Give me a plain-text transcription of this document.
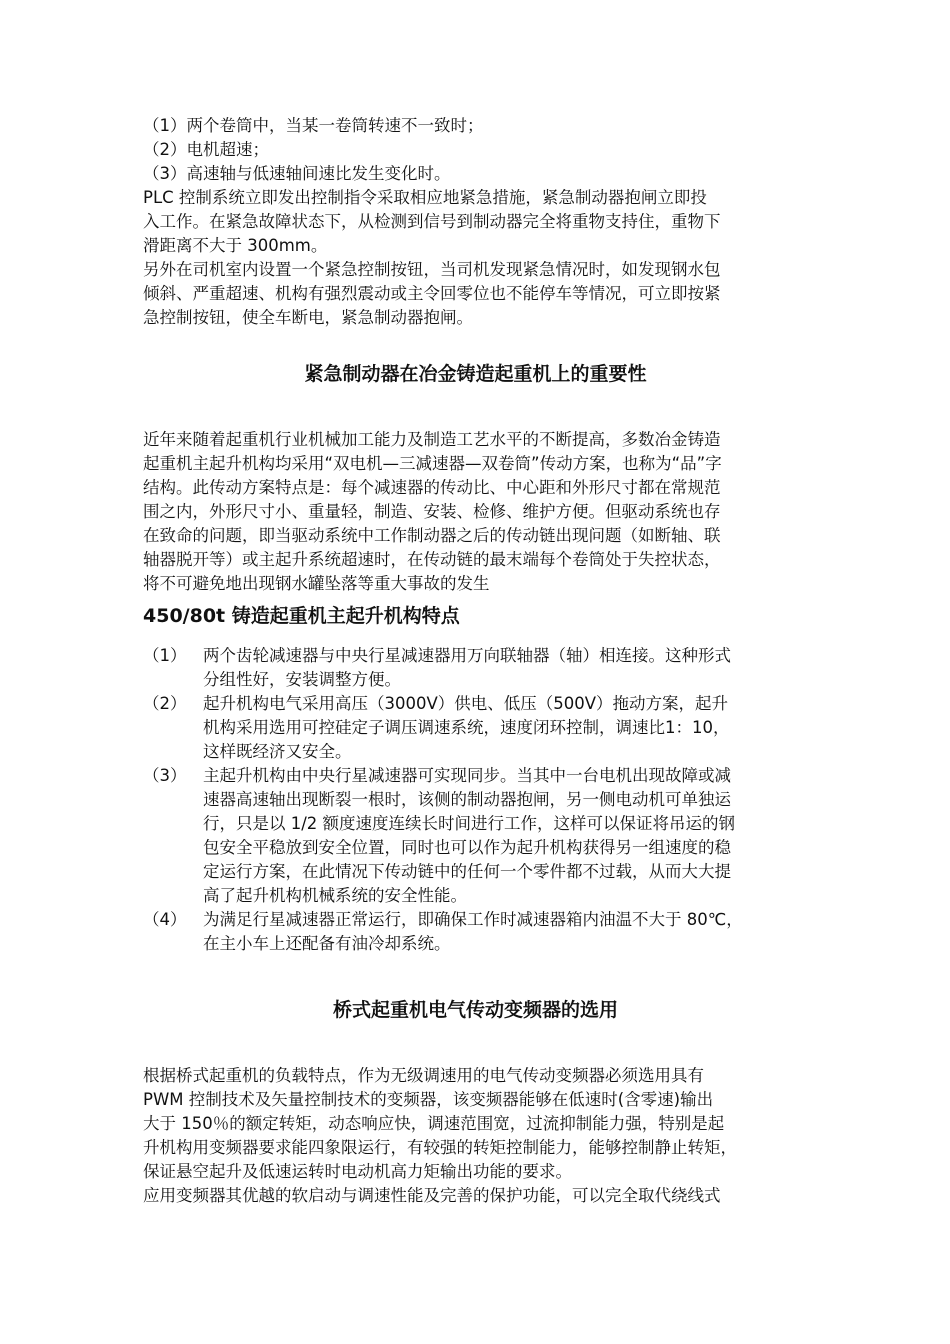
（1）两个卷筒中，当某一卷筒转速不一致时；
（2）电机超速；
（3）高速轴与低速轴间速比发生变化时。
PLC 控制系统立即发出控制指令采取相应地紧急措施，紧急制动器抱闸立即投
入工作。在紧急故障状态下，从检测到信号到制动器完全将重物支持住，重物下
滑距离不大于 300mm。
另外在司机室内设置一个紧急控制按钮，当司机发现紧急情况时，如发现钢水包
倾斜、严重超速、机构有强烈震动或主令回零位也不能停车等情况，可立即按紧
急控制按钮，使全车断电，紧急制动器抱闸。
紧急制动器在冶金铸造起重机上的重要性
近年来随着起重机行业机械加工能力及制造工艺水平的不断提高，多数冶金铸造
起重机主起升机构均采用“双电机—三减速器—双卷筒”传动方案，也称为“品”字
结构。此传动方案特点是：每个减速器的传动比、中心距和外形尺寸都在常规范
围之内，外形尺寸小、重量轻，制造、安装、检修、维护方便。但驱动系统也存
在致命的问题，即当驱动系统中工作制动器之后的传动链出现问题（如断轴、联
轴器脱开等）或主起升系统超速时，在传动链的最末端每个卷筒处于失控状态，
将不可避免地出现钢水罐坠落等重大事故的发生
450/80t 铸造起重机主起升机构特点
（1）	两个齿轮减速器与中央行星减速器用万向联轴器（轴）相连接。这种形式
分组性好，安装调整方便。
（2）	起升机构电气采用高压（3000V）供电、低压（500V）拖动方案，起升
机构采用选用可控硅定子调压调速系统，速度闭环控制，调速比1：10，
这样既经济又安全。
（3）	主起升机构由中央行星减速器可实现同步。当其中一台电机出现故障或减
速器高速轴出现断裂一根时，该侧的制动器抱闸，另一侧电动机可单独运
行，只是以 1/2 额度速度连续长时间进行工作，这样可以保证将吊运的钢
包安全平稳放到安全位置，同时也可以作为起升机构获得另一组速度的稳
定运行方案，在此情况下传动链中的任何一个零件都不过载，从而大大提
高了起升机构机械系统的安全性能。
（4）	为满足行星减速器正常运行，即确保工作时减速器箱内油温不大于 80℃，
在主小车上还配备有油冷却系统。
桥式起重机电气传动变频器的选用
根据桥式起重机的负载特点，作为无级调速用的电气传动变频器必须选用具有
PWM 控制技术及矢量控制技术的变频器，该变频器能够在低速时(含零速)输出
大于 150％的额定转矩，动态响应快，调速范围宽，过流抑制能力强，特别是起
升机构用变频器要求能四象限运行，有较强的转矩控制能力，能够控制静止转矩，
保证悬空起升及低速运转时电动机高力矩输出功能的要求。
应用变频器其优越的软启动与调速性能及完善的保护功能，可以完全取代绕线式
